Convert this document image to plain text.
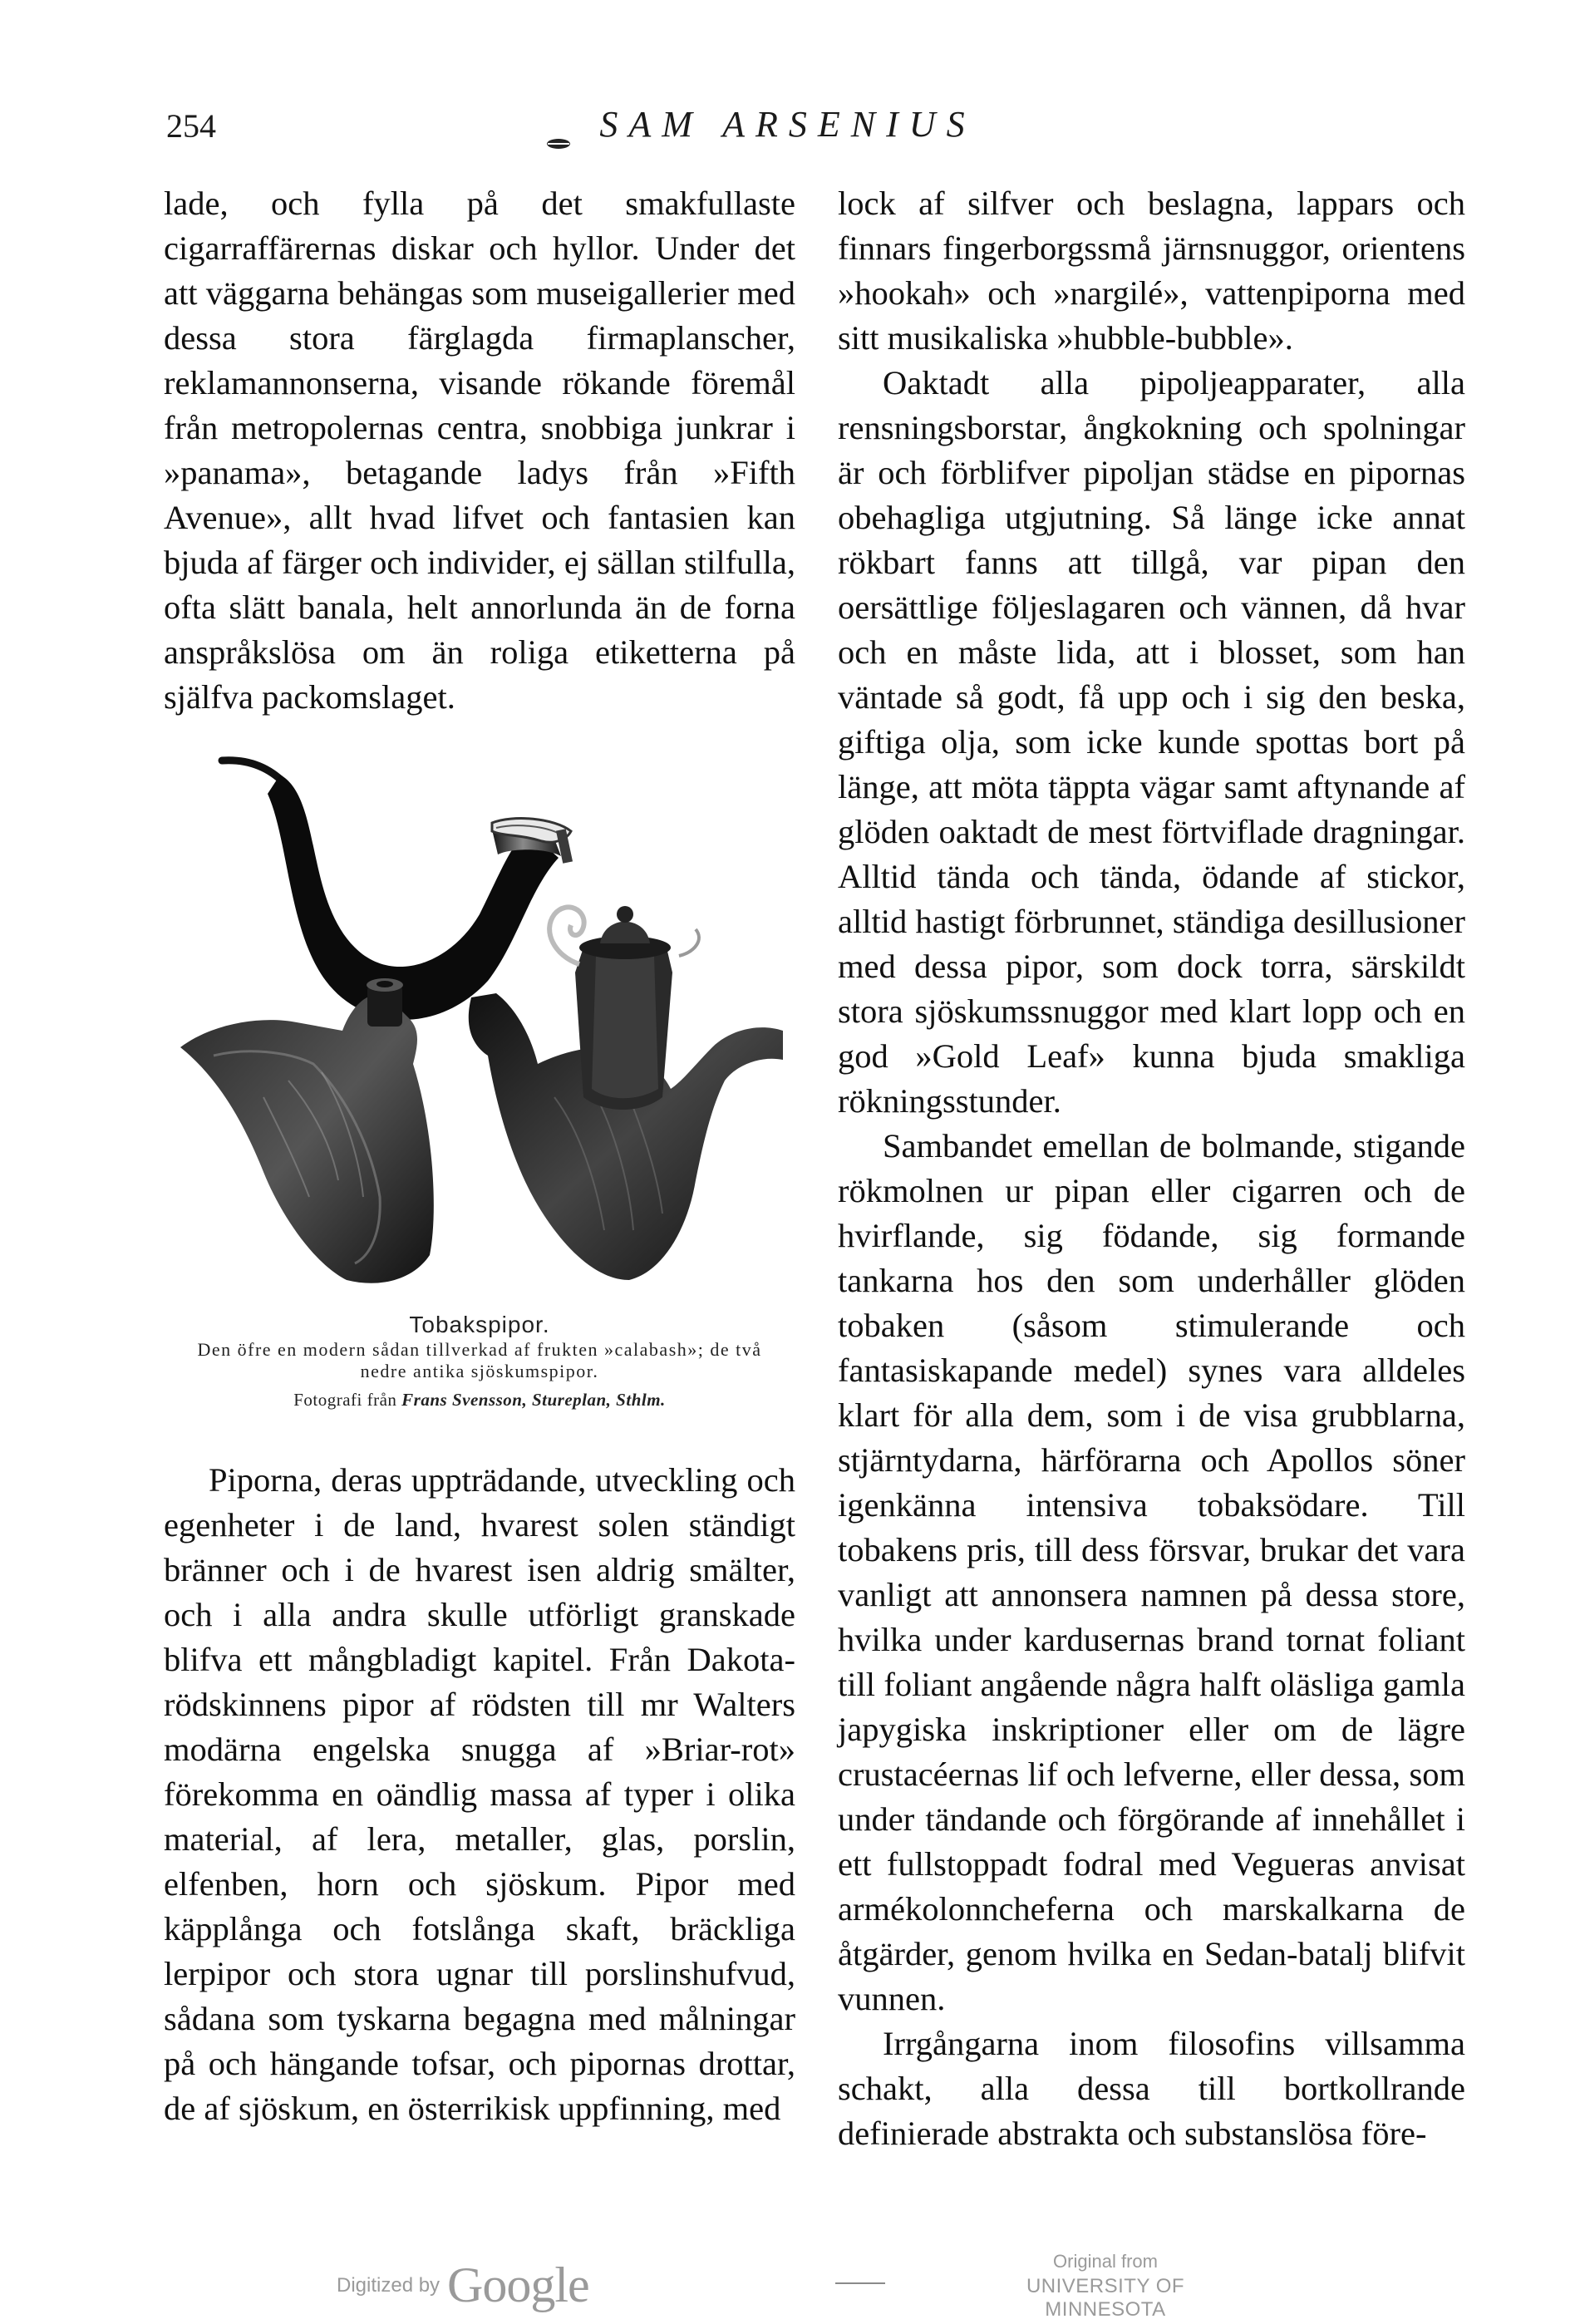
254	SAM ARSENIUS

lade, och fylla på det smakfullaste cigarraffärernas diskar och hyllor. Under det att väggarna behängas som museigallerier med dessa stora färglagda firmaplanscher, reklamannonserna, visande rökande föremål från metropolernas centra, snobbiga junkrar i »panama», betagande ladys från »Fifth Avenue», allt hvad lifvet och fantasien kan bjuda af färger och individer, ej sällan stilfulla, ofta slätt banala, helt annorlunda än de forna anspråkslösa om än roliga etiketterna på själfva packomslaget.

Tobakspipor.
Den öfre en modern sådan tillverkad af frukten »calabash»; de två nedre antika sjöskumspipor.
Fotografi från Frans Svensson, Stureplan, Sthlm.

Piporna, deras uppträdande, utveckling och egenheter i de land, hvarest solen ständigt bränner och i de hvarest isen aldrig smälter, och i alla andra skulle utförligt granskade blifva ett mångbladigt kapitel. Från Dakota-rödskinnens pipor af rödsten till mr Walters modärna engelska snugga af »Briar-rot» förekomma en oändlig massa af typer i olika material, af lera, metaller, glas, porslin, elfenben, horn och sjöskum. Pipor med käpplånga och fotslånga skaft, bräckliga lerpipor och stora ugnar till porslinshufvud, sådana som tyskarna begagna med målningar på och hängande tofsar, och pipornas drottar, de af sjöskum, en österrikisk uppfinning, med

lock af silfver och beslagna, lappars och finnars fingerborgssmå järnsnuggor, orientens »hookah» och »nargilé», vattenpiporna med sitt musikaliska »hubble-bubble».

Oaktadt alla pipoljeapparater, alla rensningsborstar, ångkokning och spolningar är och förblifver pipoljan städse en pipornas obehagliga utgjutning. Så länge icke annat rökbart fanns att tillgå, var pipan den oersättlige följeslagaren och vännen, då hvar och en måste lida, att i blosset, som han väntade så godt, få upp och i sig den beska, giftiga olja, som icke kunde spottas bort på länge, att möta täppta vägar samt aftynande af glöden oaktadt de mest förtviflade dragningar. Alltid tända och tända, ödande af stickor, alltid hastigt förbrunnet, ständiga desillusioner med dessa pipor, som dock torra, särskildt stora sjöskumssnuggor med klart lopp och en god »Gold Leaf» kunna bjuda smakliga rökningsstunder.

Sambandet emellan de bolmande, stigande rökmolnen ur pipan eller cigarren och de hvirflande, sig födande, sig formande tankarna hos den som underhåller glöden tobaken (såsom stimulerande och fantasiskapande medel) synes vara alldeles klart för alla dem, som i de visa grubblarna, stjärntydarna, härförarna och Apollos söner igenkänna intensiva tobaksödare. Till tobakens pris, till dess försvar, brukar det vara vanligt att annonsera namnen på dessa store, hvilka under kardusernas brand tornat foliant till foliant angående några halft oläsliga gamla japygiska inskriptioner eller om de lägre crustacéernas lif och lefverne, eller dessa, som under tändande och förgörande af innehållet i ett fullstoppadt fodral med Vegueras anvisat armékolonncheferna och marskalkarna de åtgärder, genom hvilka en Sedan-batalj blifvit vunnen.

Irrgångarna inom filosofins villsamma schakt, alla dessa till bortkollrande definierade abstrakta och substanslösa före-

Digitized by Google	Original from
UNIVERSITY OF MINNESOTA
